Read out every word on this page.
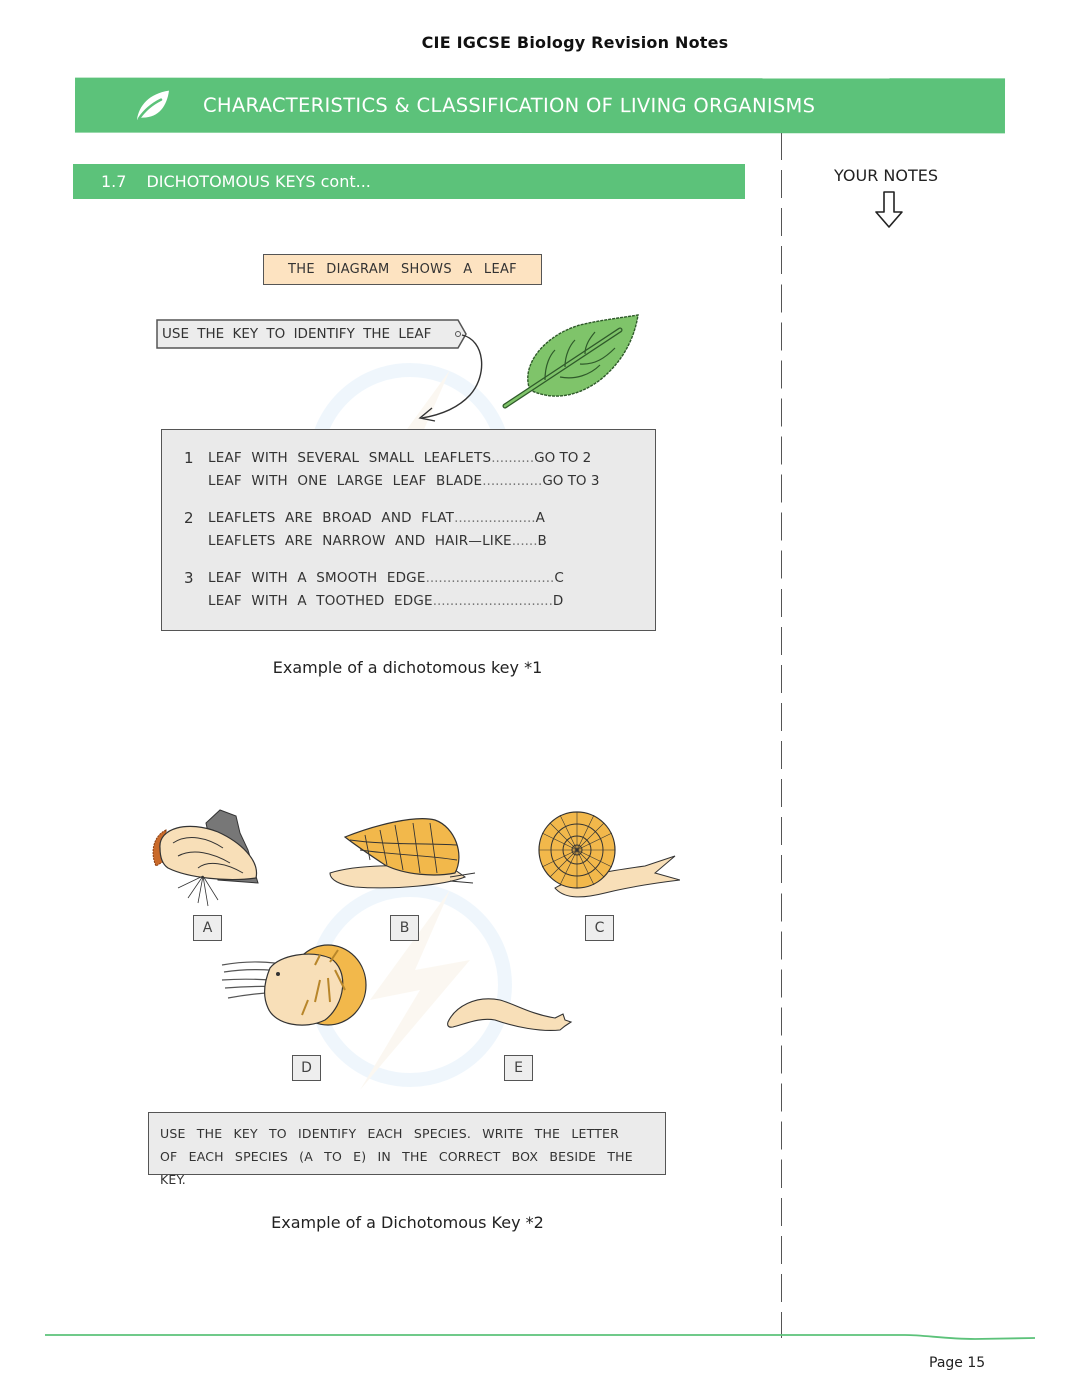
CIE IGCSE Biology Revision Notes
CHARACTERISTICS & CLASSIFICATION OF LIVING ORGANISMS
1.7 DICHOTOMOUS KEYS cont...	YOUR NOTES
THE DIAGRAM SHOWS A LEAF
USE THE KEY TO IDENTIFY THE LEAF
1	LEAF WITH SEVERAL SMALL LEAFLETS .......... GO TO 2
LEAF WITH ONE LARGE LEAF BLADE .............. GO TO 3
2	LEAFLETS ARE BROAD AND FLAT ................... A
LEAFLETS ARE NARROW AND HAIR—LIKE ...... B
3	LEAF WITH A SMOOTH EDGE .............................. C
LEAF WITH A TOOTHED EDGE ............................ D
Example of a dichotomous key *1
A	B	C
D	E
USE THE KEY TO IDENTIFY EACH SPECIES. WRITE THE LETTER
OF EACH SPECIES (A TO E) IN THE CORRECT BOX BESIDE THE KEY.
Example of a Dichotomous Key *2
Page 15
